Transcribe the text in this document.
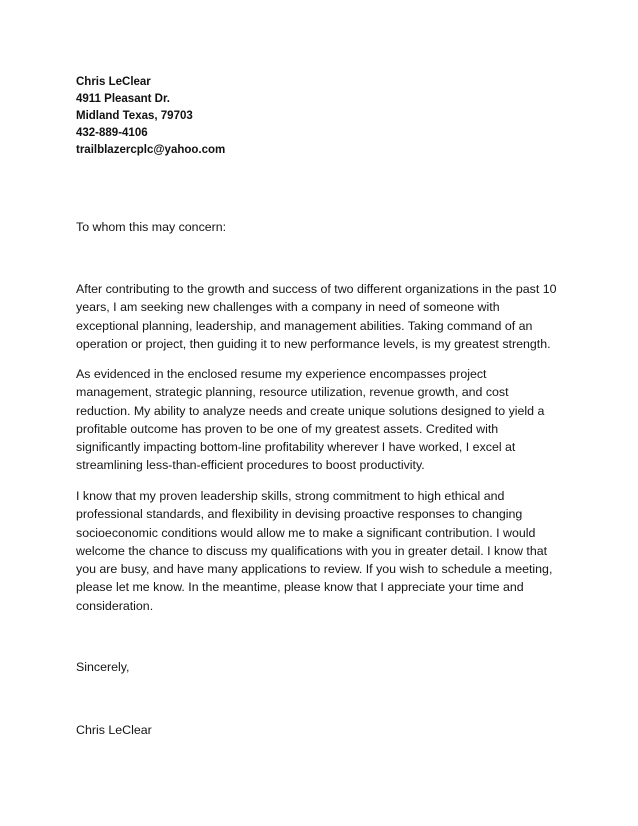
Chris LeClear
4911 Pleasant Dr.
Midland Texas, 79703
432-889-4106
trailblazercplc@yahoo.com

To whom this may concern:

After contributing to the growth and success of two different organizations in the past 10
years, I am seeking new challenges with a company in need of someone with
exceptional planning, leadership, and management abilities. Taking command of an
operation or project, then guiding it to new performance levels, is my greatest strength.

As evidenced in the enclosed resume my experience encompasses project
management, strategic planning, resource utilization, revenue growth, and cost
reduction. My ability to analyze needs and create unique solutions designed to yield a
profitable outcome has proven to be one of my greatest assets. Credited with
significantly impacting bottom-line profitability wherever I have worked, I excel at
streamlining less-than-efficient procedures to boost productivity.

I know that my proven leadership skills, strong commitment to high ethical and
professional standards, and flexibility in devising proactive responses to changing
socioeconomic conditions would allow me to make a significant contribution. I would
welcome the chance to discuss my qualifications with you in greater detail. I know that
you are busy, and have many applications to review. If you wish to schedule a meeting,
please let me know. In the meantime, please know that I appreciate your time and
consideration.

Sincerely,

Chris LeClear
